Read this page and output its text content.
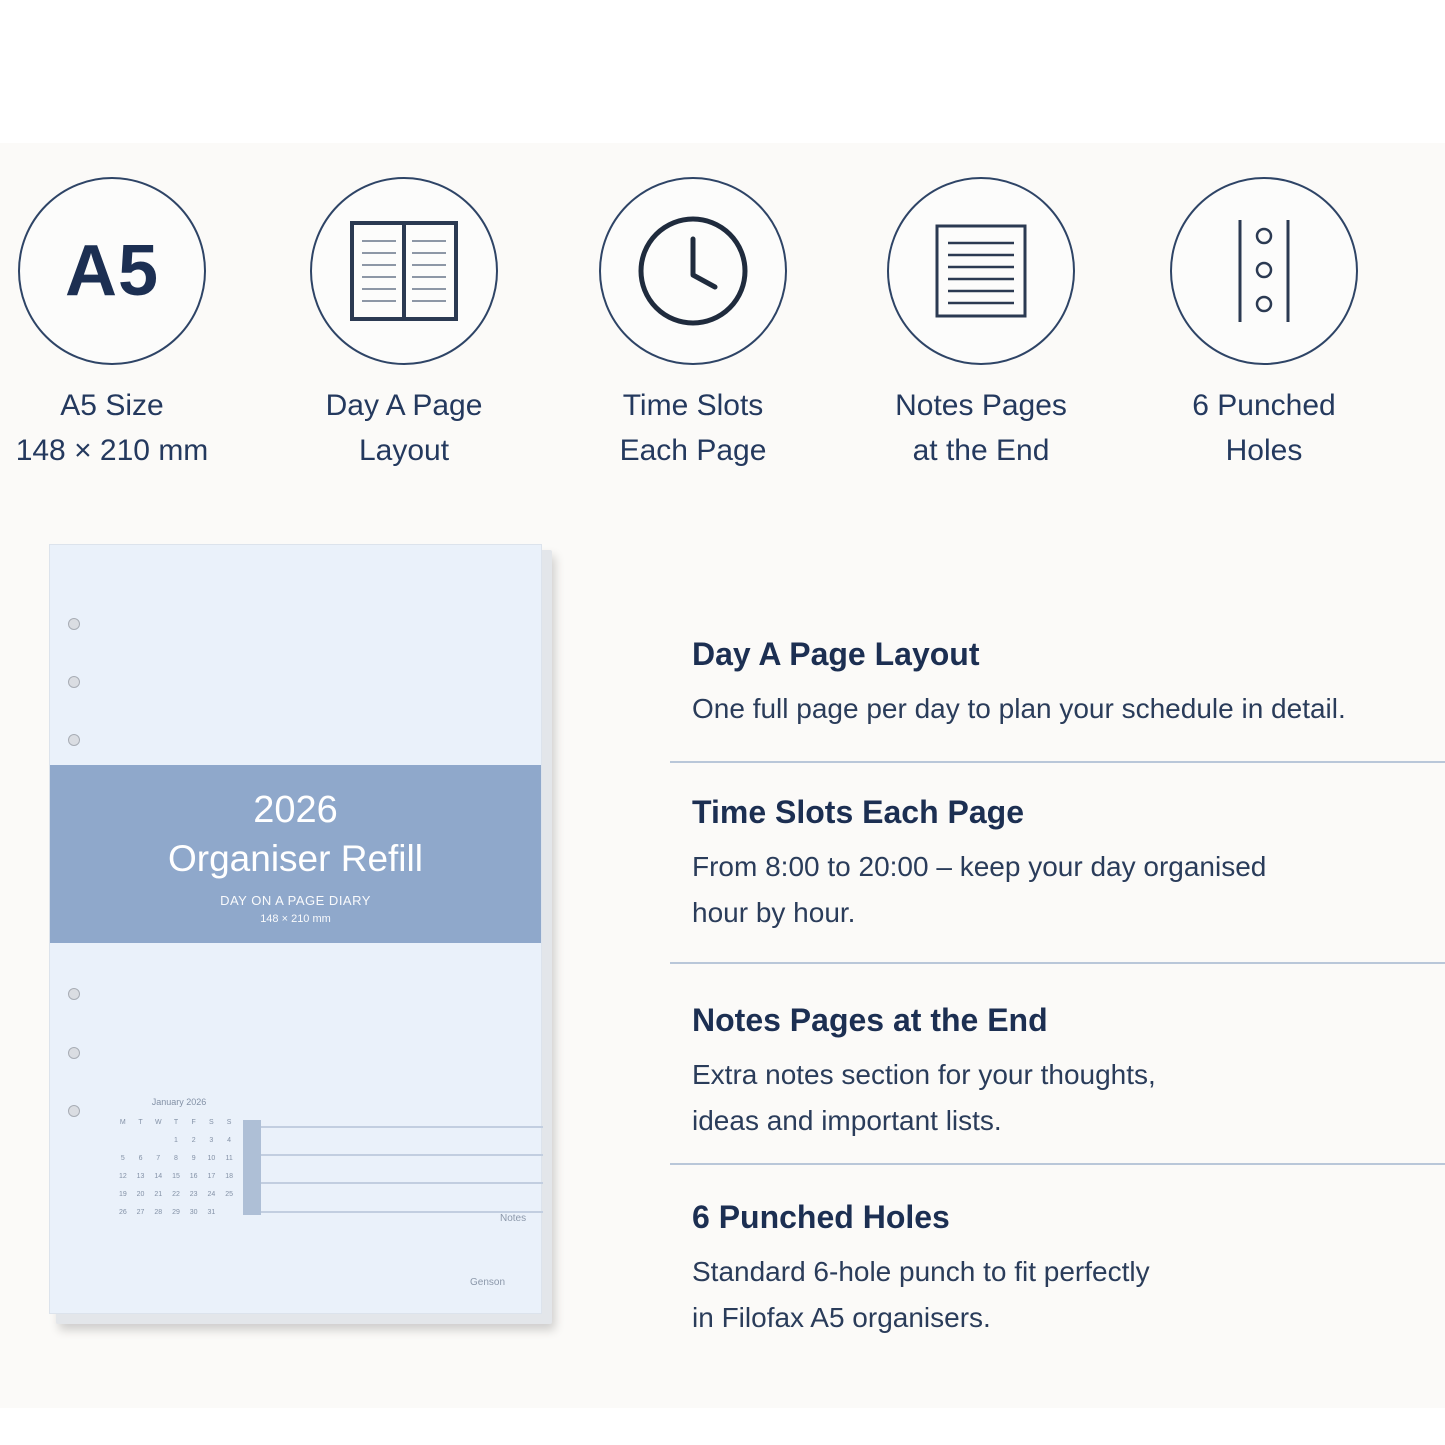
A5
A5 Size
148 × 210 mm
Day A Page
Layout
Time Slots
Each Page
Notes Pages
at the End
6 Punched
Holes
2026
Organiser Refill
DAY ON A PAGE DIARY
148 × 210 mm
January 2026
M	T	W	T	F	S	S
			1	2	3	4
5	6	7	8	9	10	11
12	13	14	15	16	17	18
19	20	21	22	23	24	25
26	27	28	29	30	31	
Notes
Genson
Day A Page Layout

One full page per day to plan your schedule in detail.

Time Slots Each Page

From 8:00 to 20:00 – keep your day organised
hour by hour.

Notes Pages at the End

Extra notes section for your thoughts,
ideas and important lists.

6 Punched Holes

Standard 6-hole punch to fit perfectly
in Filofax A5 organisers.
